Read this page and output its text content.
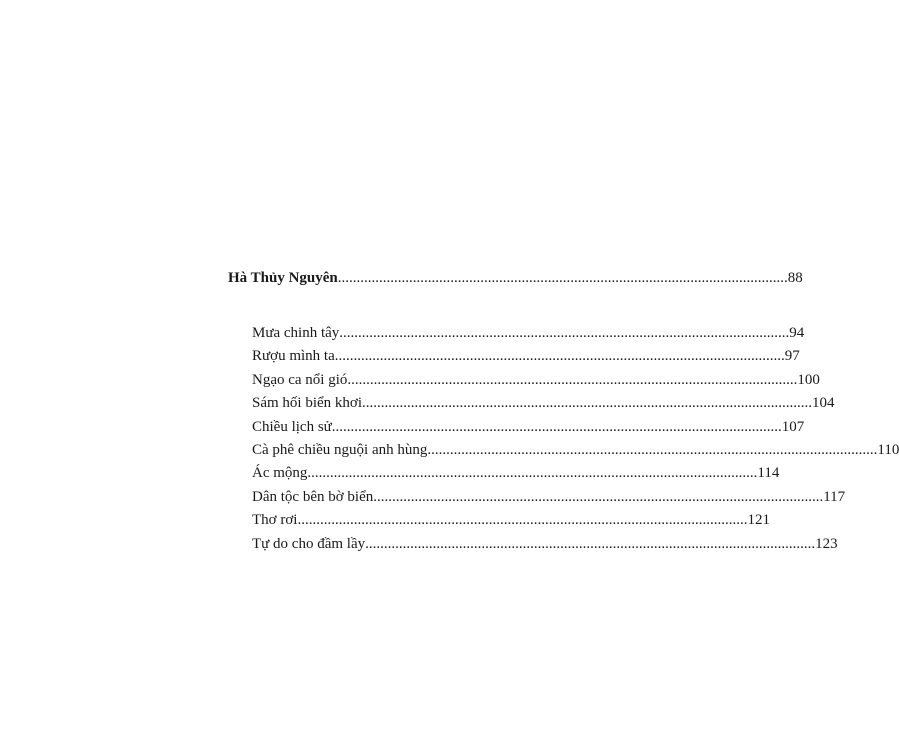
Hà Thủy Nguyên ........................................................................................................................ 88
Mưa chinh tây ........................................................................................................................ 94
Rượu mình ta ........................................................................................................................ 97
Ngạo ca nổi gió ........................................................................................................................ 100
Sám hối biển khơi ........................................................................................................................ 104
Chiều lịch sử ........................................................................................................................ 107
Cà phê chiều nguội anh hùng ........................................................................................................................ 110
Ác mộng ........................................................................................................................ 114
Dân tộc bên bờ biển ........................................................................................................................ 117
Thơ rơi ........................................................................................................................ 121
Tự do cho đầm lầy ........................................................................................................................ 123
